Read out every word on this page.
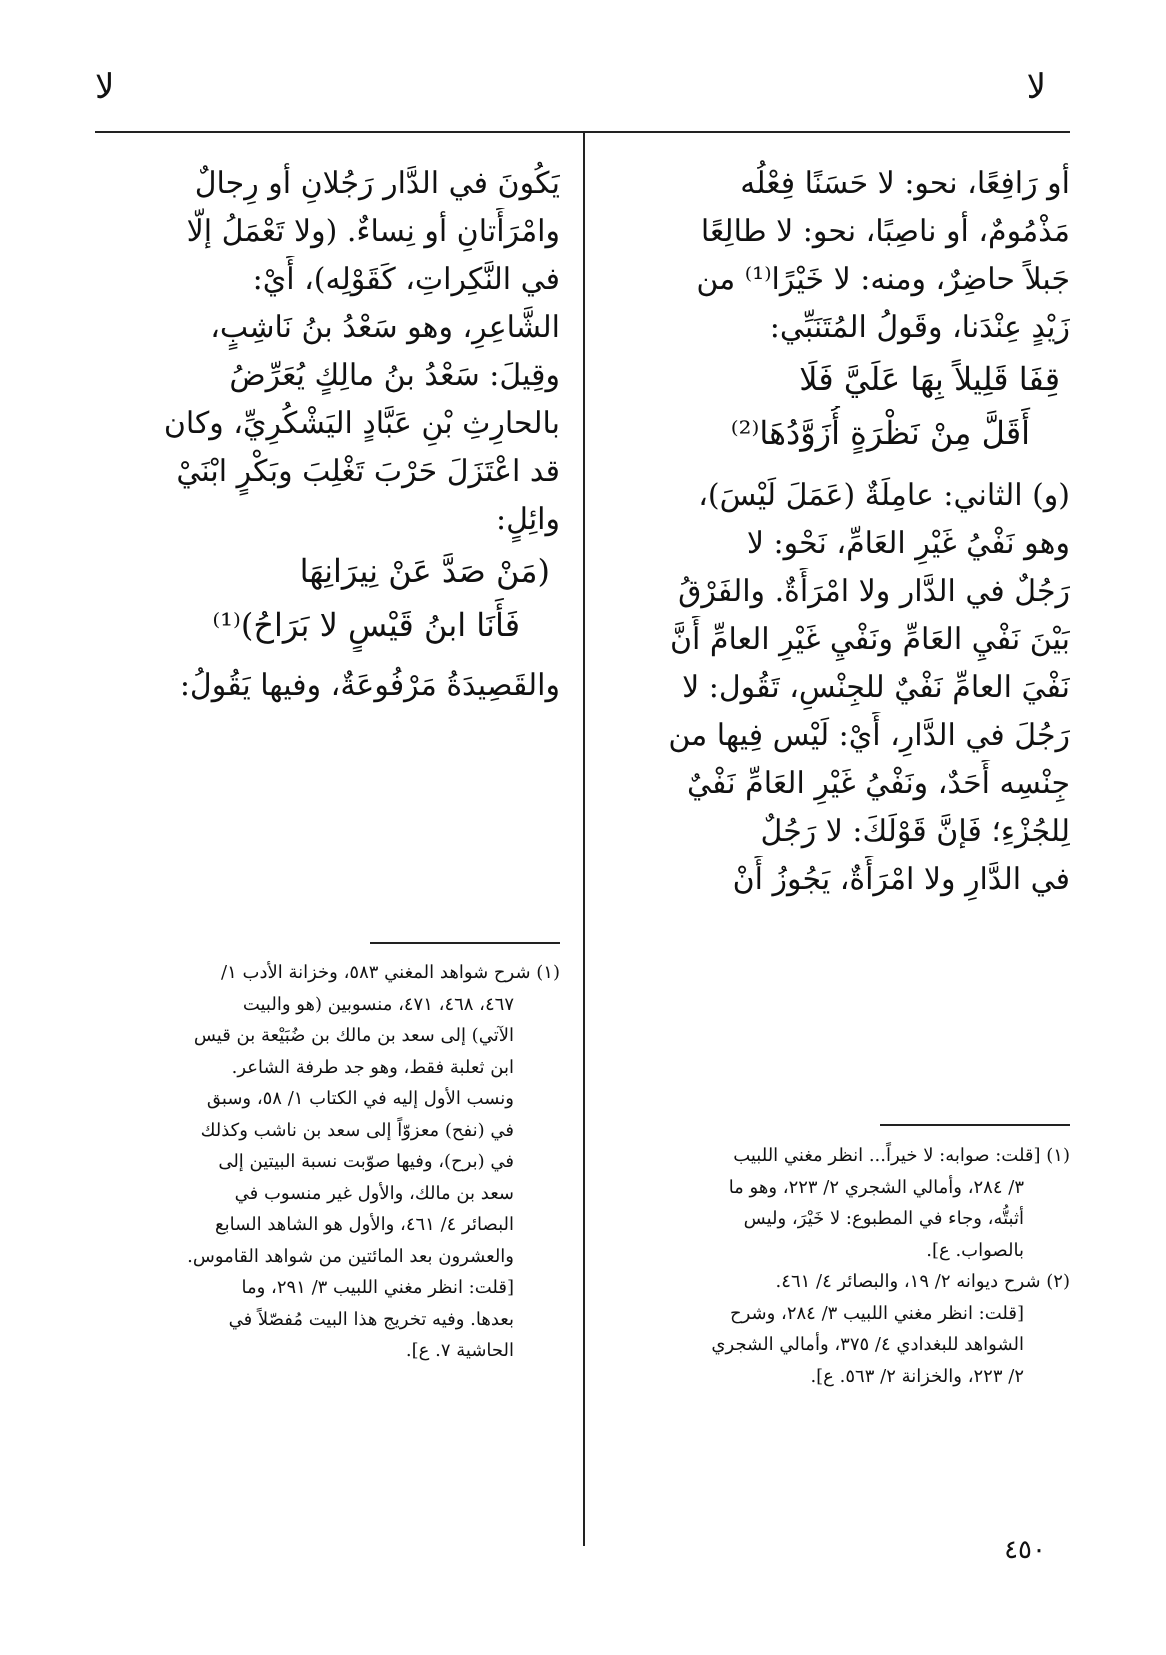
لا
لا
أو رَافِعًا، نحو: لا حَسَنًا فِعْلُه
مَذْمُومٌ، أو ناصِبًا، نحو: لا طالِعًا
جَبلاً حاضِرٌ، ومنه: لا خَيْرًا⁽¹⁾ من
زَيْدٍ عِنْدَنا، وقَولُ المُتَنَبِّي:
قِفَا قَلِيلاً بِهَا عَلَيَّ فَلَا
أَقَلَّ مِنْ نَظْرَةٍ أُزَوَّدُهَا⁽²⁾
(و) الثاني: عامِلَةٌ (عَمَلَ لَيْسَ)،
وهو نَفْيُ غَيْرِ العَامِّ، نَحْو: لا
رَجُلٌ في الدَّار ولا امْرَأَةٌ. والفَرْقُ
بَيْنَ نَفْيِ العَامِّ ونَفْيِ غَيْرِ العامِّ أَنَّ
نَفْيَ العامِّ نَفْيٌ للجِنْسِ، تَقُول: لا
رَجُلَ في الدَّارِ، أَيْ: لَيْس فِيها من
جِنْسِه أَحَدٌ، ونَفْيُ غَيْرِ العَامِّ نَفْيٌ
لِلجُزْءِ؛ فَإنَّ قَوْلَكَ: لا رَجُلٌ
في الدَّارِ ولا امْرَأَةٌ، يَجُوزُ أَنْ
يَكُونَ في الدَّار رَجُلانِ أو رِجالٌ
وامْرَأَتانِ أو نِساءٌ. (ولا تَعْمَلُ إلَّا
في النَّكِراتِ، كَقَوْلِه)، أَيْ:
الشَّاعِرِ، وهو سَعْدُ بنُ نَاشِبٍ،
وقِيلَ: سَعْدُ بنُ مالِكٍ يُعَرِّضُ
بالحارِثِ بْنِ عَبَّادٍ اليَشْكُرِيِّ، وكان
قد اعْتَزَلَ حَرْبَ تَغْلِبَ وبَكْرٍ ابْنَيْ
وائِلٍ:
(مَنْ صَدَّ عَنْ نِيرَانِهَا
فَأَنَا ابنُ قَيْسٍ لا بَرَاحُ)⁽¹⁾
والقَصِيدَةُ مَرْفُوعَةٌ، وفيها يَقُولُ:
(١) [قلت: صوابه: لا خيراً... انظر مغني اللبيب
٣/ ٢٨٤، وأمالي الشجري ٢/ ٢٢٣، وهو ما
أثبتُّه، وجاء في المطبوع: لا خَيْرَ، وليس
بالصواب. ع].
(٢) شرح ديوانه ٢/ ١٩، والبصائر ٤/ ٤٦١.
[قلت: انظر مغني اللبيب ٣/ ٢٨٤، وشرح
الشواهد للبغدادي ٤/ ٣٧٥، وأمالي الشجري
٢/ ٢٢٣، والخزانة ٢/ ٥٦٣. ع].
(١) شرح شواهد المغني ٥٨٣، وخزانة الأدب ١/
٤٦٧، ٤٦٨، ٤٧١، منسوبين (هو والبيت
الآتي) إلى سعد بن مالك بن ضُبَيْعة بن قيس
ابن ثعلبة فقط، وهو جد طرفة الشاعر.
ونسب الأول إليه في الكتاب ١/ ٥٨، وسبق
في (نفح) معزوّاً إلى سعد بن ناشب وكذلك
في (برح)، وفيها صوّبت نسبة البيتين إلى
سعد بن مالك، والأول غير منسوب في
البصائر ٤/ ٤٦١، والأول هو الشاهد السابع
والعشرون بعد المائتين من شواهد القاموس.
[قلت: انظر مغني اللبيب ٣/ ٢٩١، وما
بعدها. وفيه تخريج هذا البيت مُفصّلاً في
الحاشية ٧. ع].
٤٥٠
